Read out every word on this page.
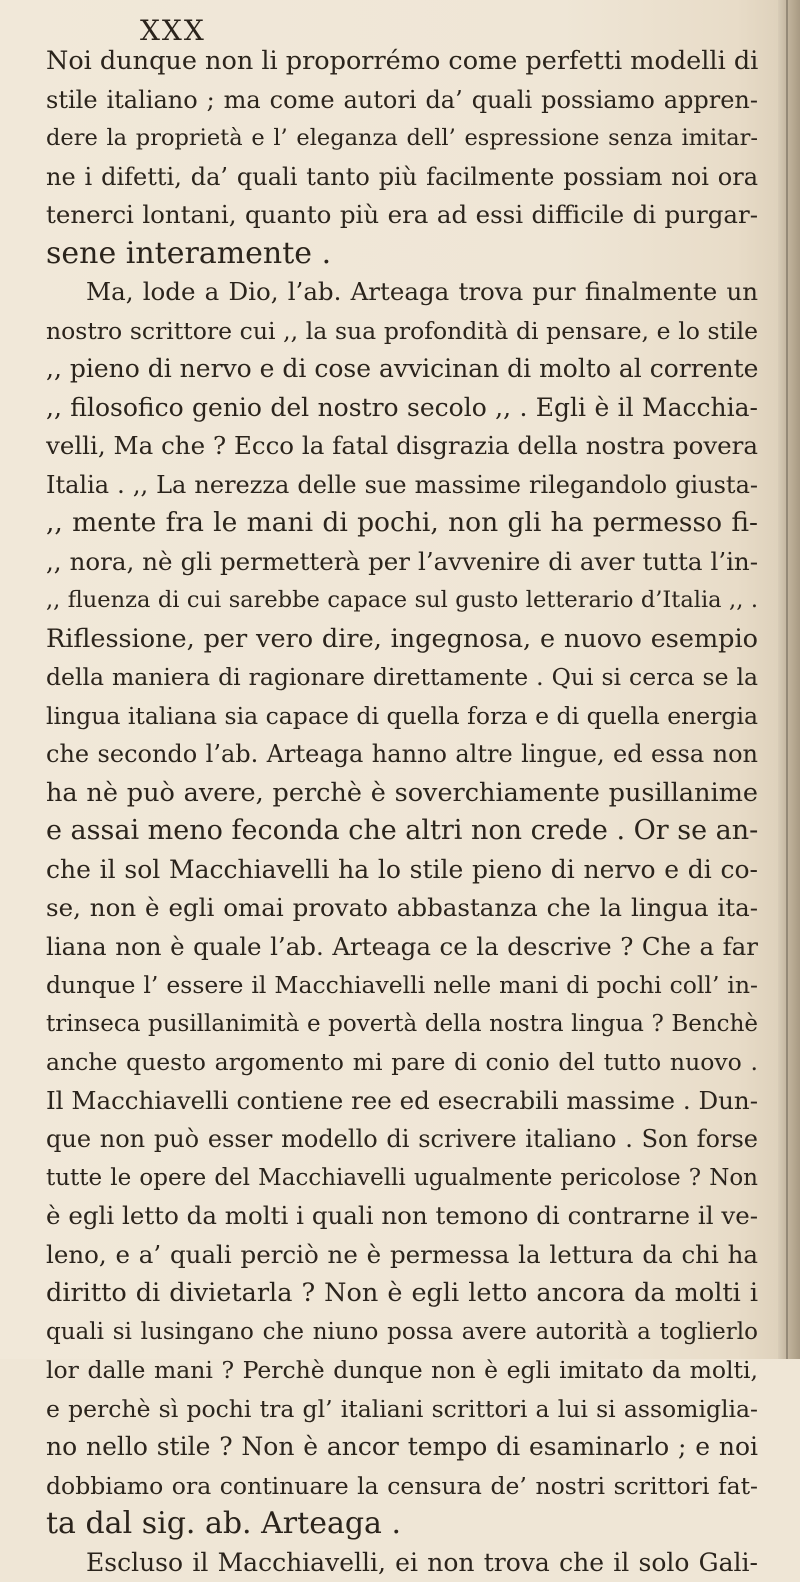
XXX
Noi dunque non li proporrémo come perfetti modelli di
stile italiano ; ma come autori da’ quali possiamo appren-
dere la proprietà e l’ eleganza dell’ espressione senza imitar-
ne i difetti, da’ quali tanto più facilmente possiam noi ora
tenerci lontani, quanto più era ad essi difficile di purgar-
sene interamente .
Ma, lode a Dio, l’ab. Arteaga trova pur finalmente un
nostro scrittore cui ,, la sua profondità di pensare, e lo stile
,, pieno di nervo e di cose avvicinan di molto al corrente
,, filosofico genio del nostro secolo ,, . Egli è il Macchia-
velli, Ma che ? Ecco la fatal disgrazia della nostra povera
Italia . ,, La nerezza delle sue massime rilegandolo giusta-
,, mente fra le mani di pochi, non gli ha permesso fi-
,, nora, nè gli permetterà per l’avvenire di aver tutta l’in-
,, fluenza di cui sarebbe capace sul gusto letterario d’Italia ,, .
Riflessione, per vero dire, ingegnosa, e nuovo esempio
della maniera di ragionare direttamente . Qui si cerca se la
lingua italiana sia capace di quella forza e di quella energia
che secondo l’ab. Arteaga hanno altre lingue, ed essa non
ha nè può avere, perchè è soverchiamente pusillanime
e assai meno feconda che altri non crede . Or se an-
che il sol Macchiavelli ha lo stile pieno di nervo e di co-
se, non è egli omai provato abbastanza che la lingua ita-
liana non è quale l’ab. Arteaga ce la descrive ? Che a far
dunque l’ essere il Macchiavelli nelle mani di pochi coll’ in-
trinseca pusillanimità e povertà della nostra lingua ? Benchè
anche questo argomento mi pare di conio del tutto nuovo .
Il Macchiavelli contiene ree ed esecrabili massime . Dun-
que non può esser modello di scrivere italiano . Son forse
tutte le opere del Macchiavelli ugualmente pericolose ? Non
è egli letto da molti i quali non temono di contrarne il ve-
leno, e a’ quali perciò ne è permessa la lettura da chi ha
diritto di divietarla ? Non è egli letto ancora da molti i
quali si lusingano che niuno possa avere autorità a toglierlo
lor dalle mani ? Perchè dunque non è egli imitato da molti,
e perchè sì pochi tra gl’ italiani scrittori a lui si assomiglia-
no nello stile ? Non è ancor tempo di esaminarlo ; e noi
dobbiamo ora continuare la censura de’ nostri scrittori fat-
ta dal sig. ab. Arteaga .
Escluso il Macchiavelli, ei non trova che il solo Gali-
